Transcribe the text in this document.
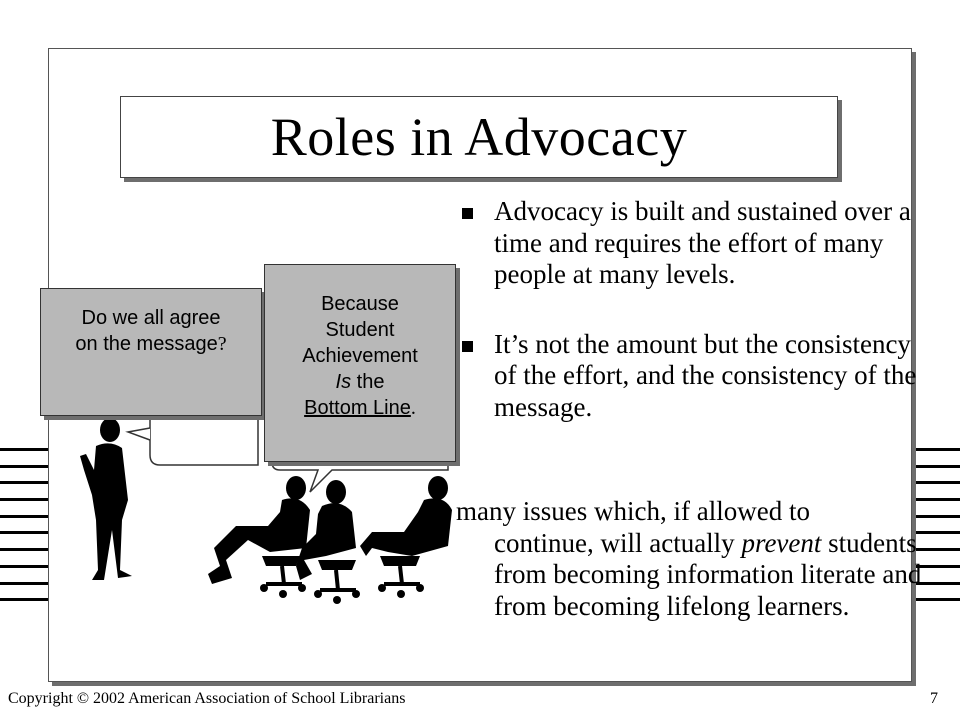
Roles in Advocacy
Advocacy is built and sustained over a time and requires the effort of many people at many levels.
It’s not the amount but the consistency of the effort, and the consistency of the message.
many issues which, if allowed to
continue, will actually prevent students from becoming information literate and from becoming lifelong learners.
Do we all agree
on the message?
Because
Student
Achievement
Is the
Bottom Line.
Copyright © 2002 American Association of School Librarians	7
